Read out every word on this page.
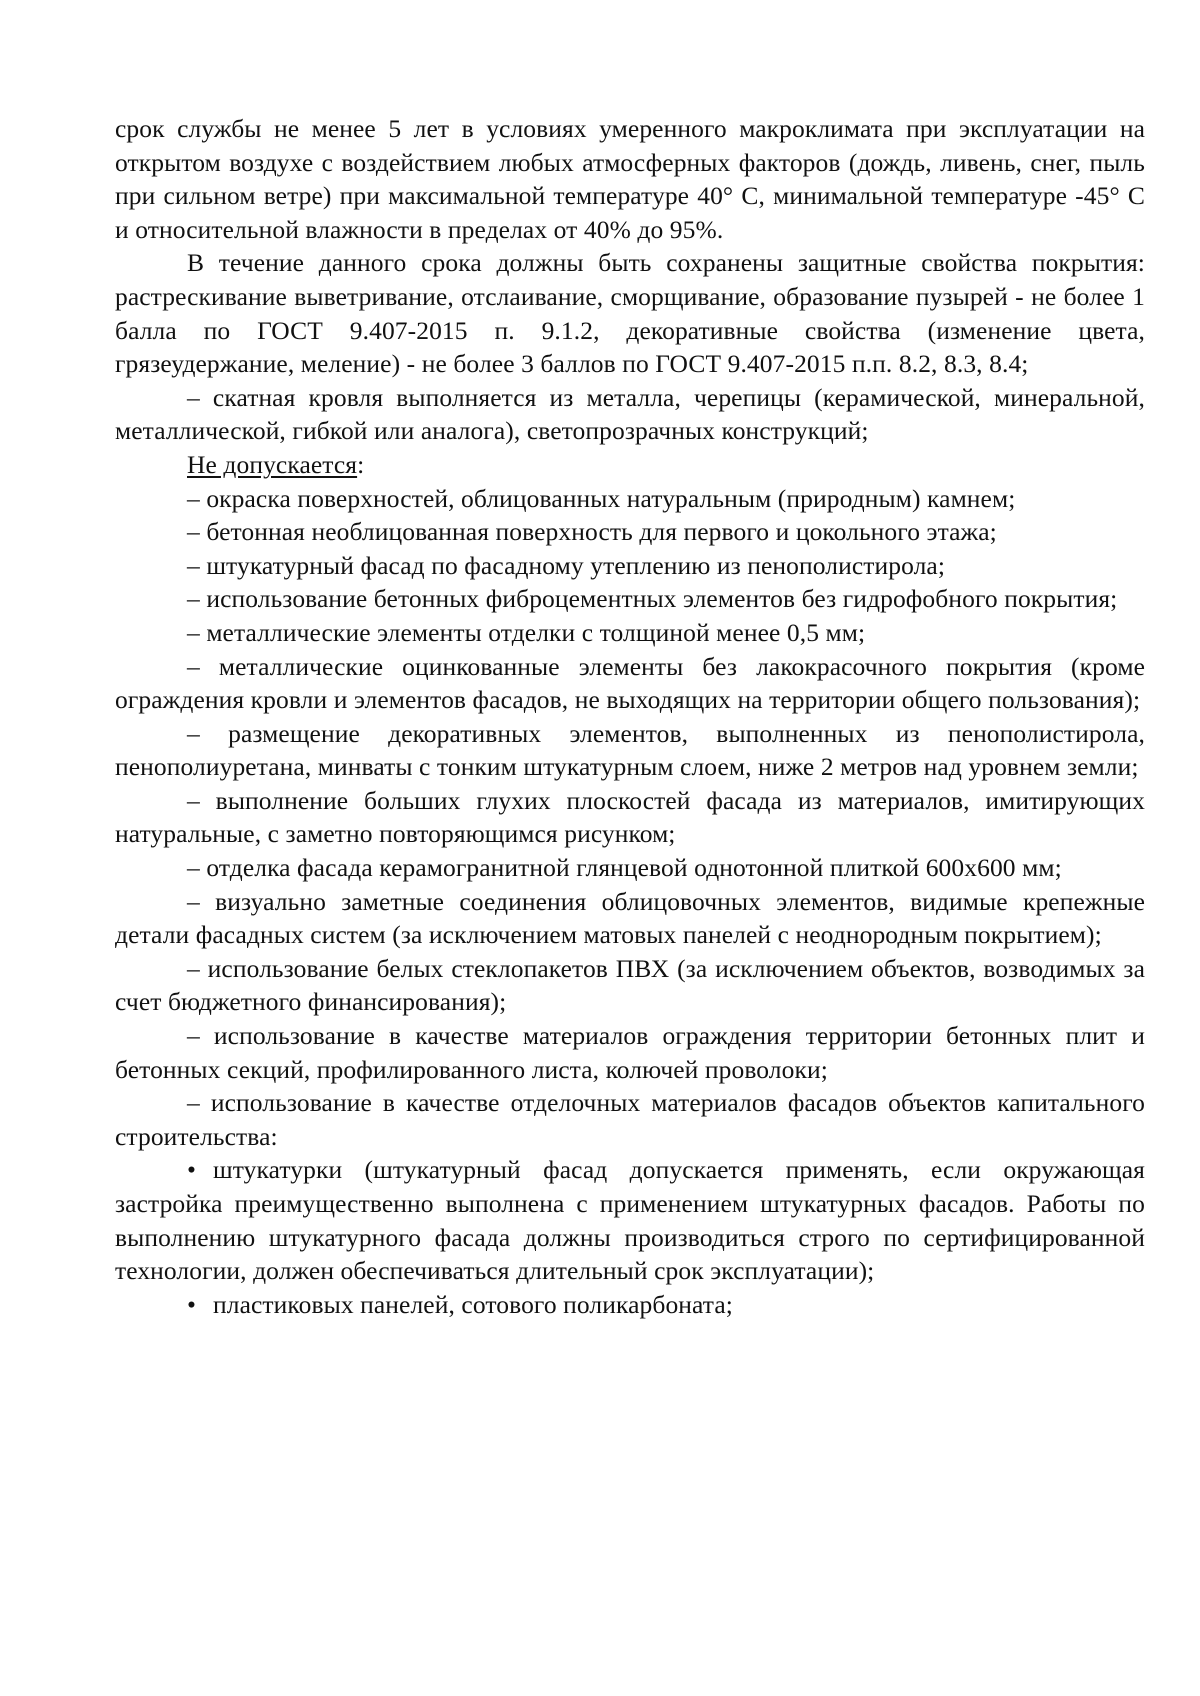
срок службы не менее 5 лет в условиях умеренного макроклимата при эксплуатации на открытом воздухе с воздействием любых атмосферных факторов (дождь, ливень, снег, пыль при сильном ветре) при максимальной температуре 40° С, минимальной температуре -45° С и относительной влажности в пределах от 40% до 95%.

В течение данного срока должны быть сохранены защитные свойства покрытия: растрескивание выветривание, отслаивание, сморщивание, образование пузырей - не более 1 балла по ГОСТ 9.407-2015 п. 9.1.2, декоративные свойства (изменение цвета, грязеудержание, меление) - не более 3 баллов по ГОСТ 9.407-2015 п.п. 8.2, 8.3, 8.4;

– скатная кровля выполняется из металла, черепицы (керамической, минеральной, металлической, гибкой или аналога), светопрозрачных конструкций;

Не допускается:

– окраска поверхностей, облицованных натуральным (природным) камнем;

– бетонная необлицованная поверхность для первого и цокольного этажа;

– штукатурный фасад по фасадному утеплению из пенополистирола;

– использование бетонных фиброцементных элементов без гидрофобного покрытия;

– металлические элементы отделки с толщиной менее 0,5 мм;

– металлические оцинкованные элементы без лакокрасочного покрытия (кроме ограждения кровли и элементов фасадов, не выходящих на территории общего пользования);

– размещение декоративных элементов, выполненных из пенополистирола, пенополиуретана, минваты с тонким штукатурным слоем, ниже 2 метров над уровнем земли;

– выполнение больших глухих плоскостей фасада из материалов, имитирующих натуральные, с заметно повторяющимся рисунком;

– отделка фасада керамогранитной глянцевой однотонной плиткой 600х600 мм;

– визуально заметные соединения облицовочных элементов, видимые крепежные детали фасадных систем (за исключением матовых панелей с неоднородным покрытием);

– использование белых стеклопакетов ПВХ (за исключением объектов, возводимых за счет бюджетного финансирования);

– использование в качестве материалов ограждения территории бетонных плит и бетонных секций, профилированного листа, колючей проволоки;

– использование в качестве отделочных материалов фасадов объектов капитального строительства:

• штукатурки (штукатурный фасад допускается применять, если окружающая застройка преимущественно выполнена с применением штукатурных фасадов. Работы по выполнению штукатурного фасада должны производиться строго по сертифицированной технологии, должен обеспечиваться длительный срок эксплуатации);

• пластиковых панелей, сотового поликарбоната;
